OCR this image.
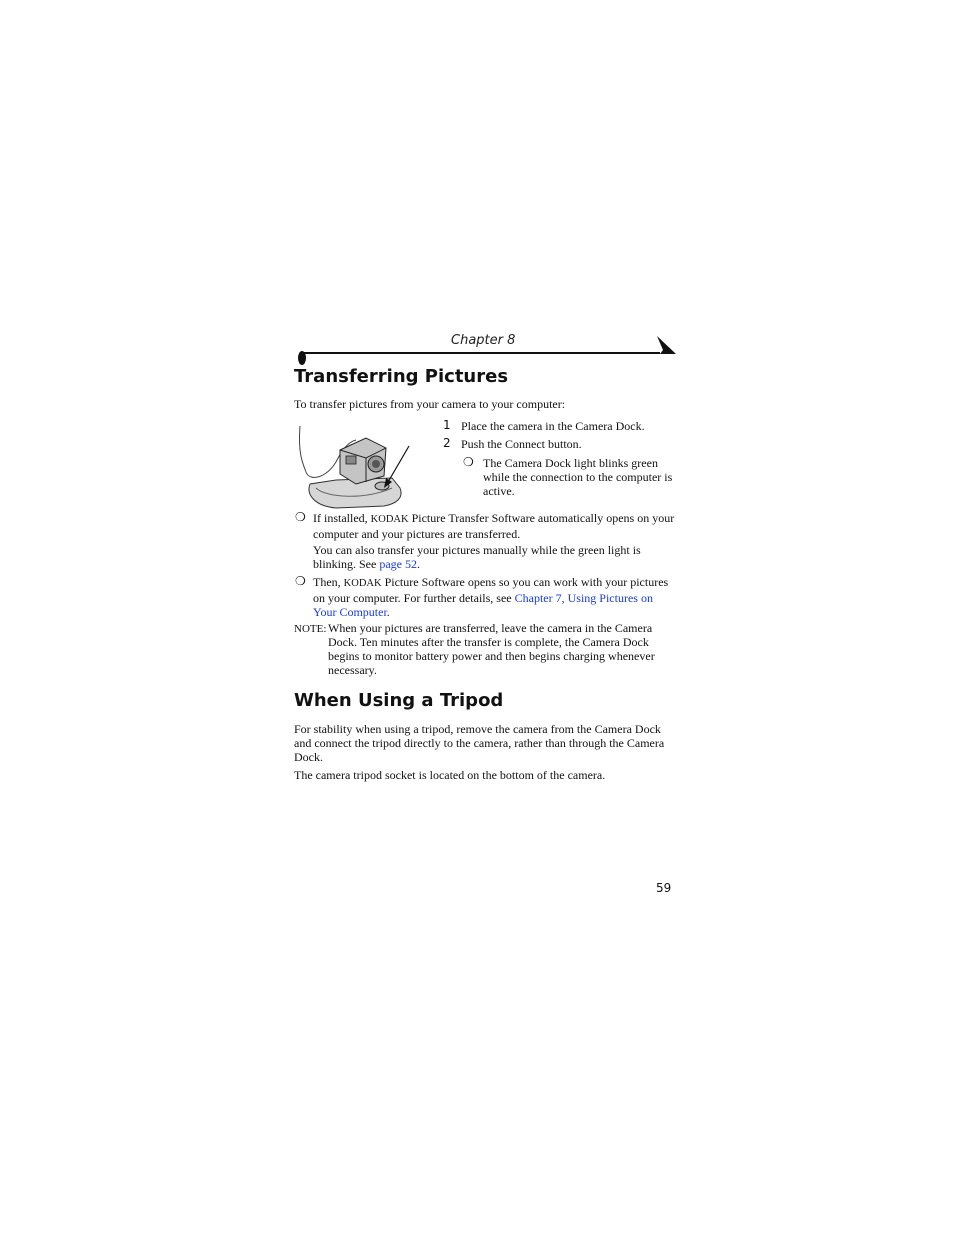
Chapter 8
Transferring Pictures
To transfer pictures from your camera to your computer:
1 Place the camera in the Camera Dock.
2 Push the Connect button.
❍ The Camera Dock light blinks green
while the connection to the computer is
active.
❍ If installed, KODAK Picture Transfer Software automatically opens on your
computer and your pictures are transferred.
You can also transfer your pictures manually while the green light is
blinking. See page 52.
❍ Then, KODAK Picture Software opens so you can work with your pictures
on your computer. For further details, see Chapter 7, Using Pictures on
Your Computer.
NOTE: When your pictures are transferred, leave the camera in the Camera
Dock. Ten minutes after the transfer is complete, the Camera Dock
begins to monitor battery power and then begins charging whenever
necessary.
When Using a Tripod
For stability when using a tripod, remove the camera from the Camera Dock
and connect the tripod directly to the camera, rather than through the Camera
Dock.
The camera tripod socket is located on the bottom of the camera.
59
